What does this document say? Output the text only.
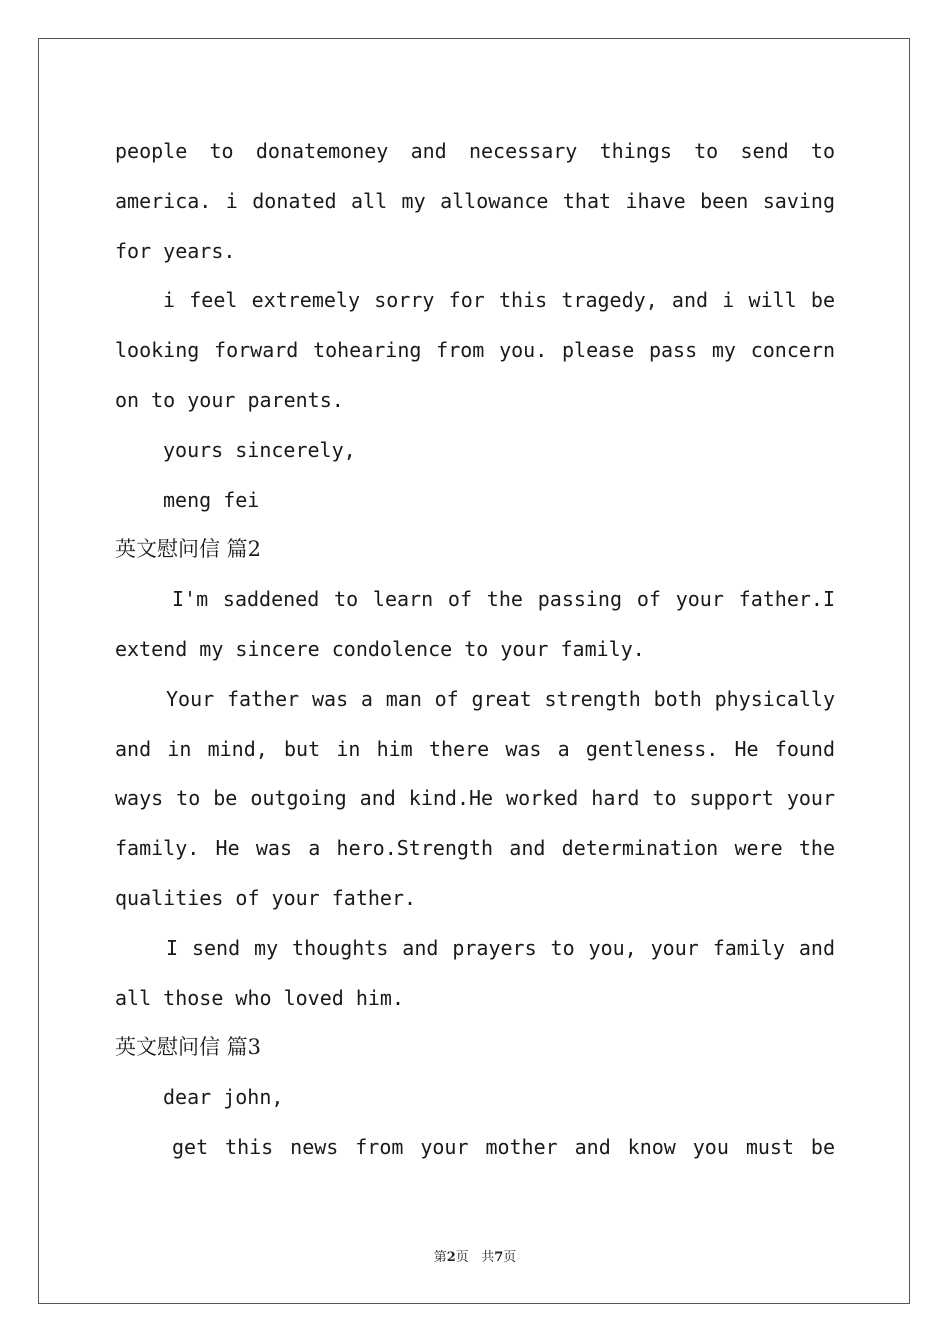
people to donatemoney and necessary things to send to
america. i donated all my allowance that ihave been saving
for years.
i feel extremely sorry for this tragedy, and i will be
looking forward tohearing from you. please pass my concern
on to your parents.
yours sincerely,
meng fei
英文慰问信 篇2
I'm saddened to learn of the passing of your father.I
extend my sincere condolence to your family.
Your father was a man of great strength both physically
and in mind, but in him there was a gentleness. He found
ways to be outgoing and kind.He worked hard to support your
family. He was a hero.Strength and determination were the
qualities of your father.
I send my thoughts and prayers to you, your family and
all those who loved him.
英文慰问信 篇3
dear john,
get this news from your mother and know you must be
第2页 共7页
